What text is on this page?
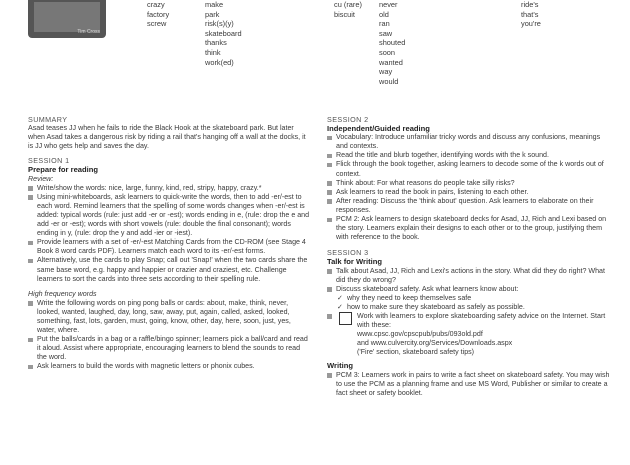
Tim Cross
crazy
factory
screw
make
park
risk(s)(y)
skateboard
thanks
think
work(ed)
cu (rare)
biscuit
never
old
ran
saw
shouted
soon
wanted
way
would
ride's
that's
you're
SUMMARY

Asad teases JJ when he fails to ride the Black Hook at the skateboard park. But later when Asad takes a dangerous risk by riding a rail that's hanging off a wall at the docks, it is JJ who gets help and saves the day.

SESSION 1
Prepare for reading
Review:
Write/show the words: nice, large, funny, kind, red, stripy, happy, crazy.*
Using mini-whiteboards, ask learners to quick-write the words, then to add -er/-est to each word. Remind learners that the spelling of some words changes when -er/-est is added: typical words (rule: just add -er or -est); words ending in e, (rule: drop the e and add -er or -est); words with short vowels (rule: double the final consonant); words ending in y, (rule: drop the y and add -ier or -iest).
Provide learners with a set of -er/-est Matching Cards from the CD-ROM (see Stage 4 Book 8 word cards PDF). Learners match each word to its -er/-est forms.
Alternatively, use the cards to play Snap; call out 'Snap!' when the two cards share the same base word, e.g. happy and happier or crazier and craziest, etc. Challenge learners to sort the cards into three sets according to their spelling rule.
High frequency words
Write the following words on ping pong balls or cards: about, make, think, never, looked, wanted, laughed, day, long, saw, away, put, again, called, asked, looked, something, fast, lots, garden, must, going, know, other, day, here, soon, just, yes, water, where.
Put the balls/cards in a bag or a raffle/bingo spinner; learners pick a ball/card and read it aloud. Assist where appropriate, encouraging learners to blend the sounds to read the word.
Ask learners to build the words with magnetic letters or phonix cubes.
SESSION 2
Independent/Guided reading
Vocabulary: Introduce unfamiliar tricky words and discuss any confusions, meanings and contexts.
Read the title and blurb together, identifying words with the k sound.
Flick through the book together, asking learners to decode some of the k words out of context.
Think about: For what reasons do people take silly risks?
Ask learners to read the book in pairs, listening to each other.
After reading: Discuss the 'think about' question. Ask learners to elaborate on their responses.
PCM 2: Ask learners to design skateboard decks for Asad, JJ, Rich and Lexi based on the story. Learners explain their designs to each other or to the group, justifying them with reference to the book.
SESSION 3
Talk for Writing
Talk about Asad, JJ, Rich and Lexi's actions in the story. What did they do right? What did they do wrong?
Discuss skateboard safety. Ask what learners know about:
✓ why they need to keep themselves safe
✓ how to make sure they skateboard as safely as possible.
Work with learners to explore skateboarding safety advice on the Internet. Start with these:
www.cpsc.gov/cpscpub/pubs/093old.pdf
and www.culvercity.org/Services/Downloads.aspx
('Fire' section, skateboard safety tips)
Writing
PCM 3: Learners work in pairs to write a fact sheet on skateboard safety. You may wish to use the PCM as a planning frame and use MS Word, Publisher or similar to create a fact sheet or safety booklet.
